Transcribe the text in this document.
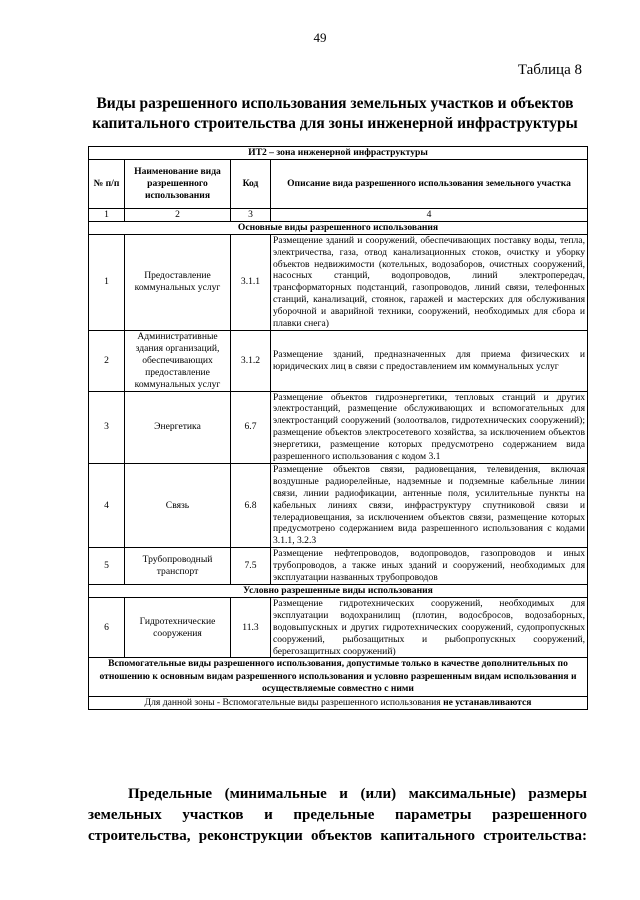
49
Таблица 8
Виды разрешенного использования земельных участков и объектов капитального строительства для зоны инженерной инфраструктуры
ИТ2 – зона инженерной инфраструктуры			
№ п/п	Наименование вида разрешенного использования	Код	Описание вида разрешенного использования земельного участка
1	2	3	4
Основные виды разрешенного использования			
1	Предоставление коммунальных услуг	3.1.1	Размещение зданий и сооружений, обеспечивающих поставку воды, тепла, электричества, газа, отвод канализационных стоков, очистку и уборку объектов недвижимости (котельных, водозаборов, очистных сооружений, насосных станций, водопроводов, линий электропередач, трансформаторных подстанций, газопроводов, линий связи, телефонных станций, канализаций, стоянок, гаражей и мастерских для обслуживания уборочной и аварийной техники, сооружений, необходимых для сбора и плавки снега)
2	Административные здания организаций, обеспечивающих предоставление коммунальных услуг	3.1.2	Размещение зданий, предназначенных для приема физических и юридических лиц в связи с предоставлением им коммунальных услуг
3	Энергетика	6.7	Размещение объектов гидроэнергетики, тепловых станций и других электростанций, размещение обслуживающих и вспомогательных для электростанций сооружений (золоотвалов, гидротехнических сооружений); размещение объектов электросетевого хозяйства, за исключением объектов энергетики, размещение которых предусмотрено содержанием вида разрешенного использования с кодом 3.1
4	Связь	6.8	Размещение объектов связи, радиовещания, телевидения, включая воздушные радиорелейные, надземные и подземные кабельные линии связи, линии радиофикации, антенные поля, усилительные пункты на кабельных линиях связи, инфраструктуру спутниковой связи и телерадиовещания, за исключением объектов связи, размещение которых предусмотрено содержанием вида разрешенного использования с кодами 3.1.1, 3.2.3
5	Трубопроводный транспорт	7.5	Размещение нефтепроводов, водопроводов, газопроводов и иных трубопроводов, а также иных зданий и сооружений, необходимых для эксплуатации названных трубопроводов
Условно разрешенные виды использования			
6	Гидротехнические сооружения	11.3	Размещение гидротехнических сооружений, необходимых для эксплуатации водохранилищ (плотин, водосбросов, водозаборных, водовыпускных и других гидротехнических сооружений, судопропускных сооружений, рыбозащитных и рыбопропускных сооружений, берегозащитных сооружений)
Вспомогательные виды разрешенного использования, допустимые только в качестве дополнительных по отношению к основным видам разрешенного использования и условно разрешенным видам использования и осуществляемые совместно с ними			
Для данной зоны - Вспомогательные виды разрешенного использования не устанавливаются			
Предельные (минимальные и (или) максимальные) размеры
земельных участков и предельные параметры разрешенного
строительства, реконструкции объектов капитального строительства:
